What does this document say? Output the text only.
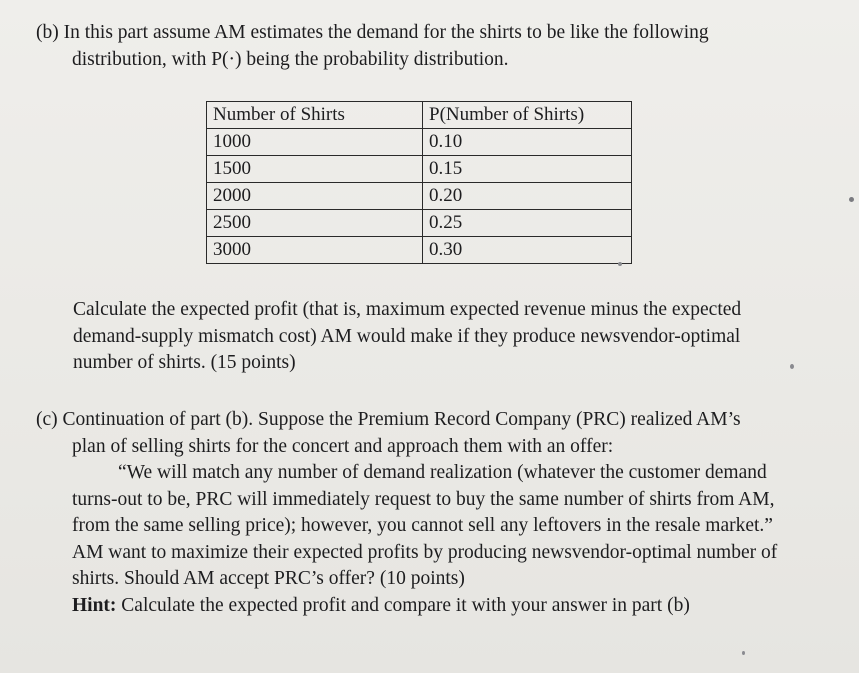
(b) In this part assume AM estimates the demand for the shirts to be like the following
distribution, with P(·) being the probability distribution.
Number of Shirts	P(Number of Shirts)
1000	0.10
1500	0.15
2000	0.20
2500	0.25
3000	0.30
Calculate the expected profit (that is, maximum expected revenue minus the expected
demand-supply mismatch cost) AM would make if they produce newsvendor-optimal
number of shirts. (15 points)
(c) Continuation of part (b). Suppose the Premium Record Company (PRC) realized AM’s
plan of selling shirts for the concert and approach them with an offer:
“We will match any number of demand realization (whatever the customer demand
turns-out to be, PRC will immediately request to buy the same number of shirts from AM,
from the same selling price); however, you cannot sell any leftovers in the resale market.”
AM want to maximize their expected profits by producing newsvendor-optimal number of
shirts. Should AM accept PRC’s offer? (10 points)
Hint: Calculate the expected profit and compare it with your answer in part (b)
